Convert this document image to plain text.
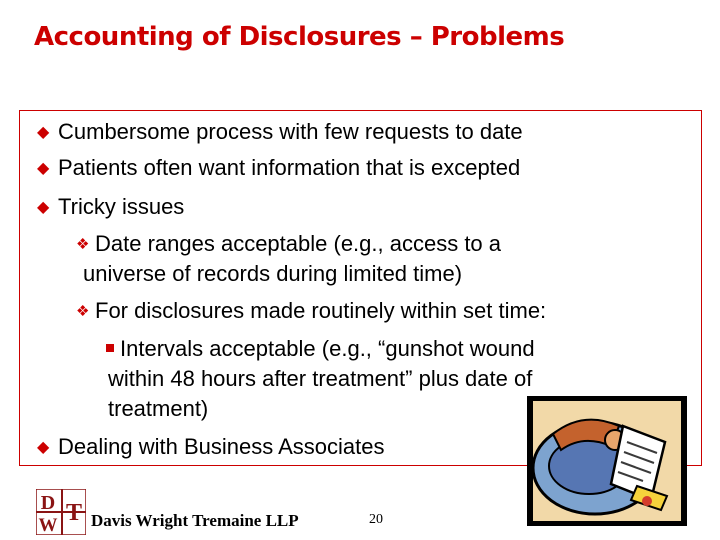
Accounting of Disclosures – Problems
◆ Cumbersome process with few requests to date
◆ Patients often want information that is excepted
◆ Tricky issues
❖ Date ranges acceptable (e.g., access to a
universe of records during limited time)
❖ For disclosures made routinely within set time:
Intervals acceptable (e.g., “gunshot wound
within 48 hours after treatment” plus date of
treatment)
◆ Dealing with Business Associates
D
W T Davis Wright Tremaine LLP	20
